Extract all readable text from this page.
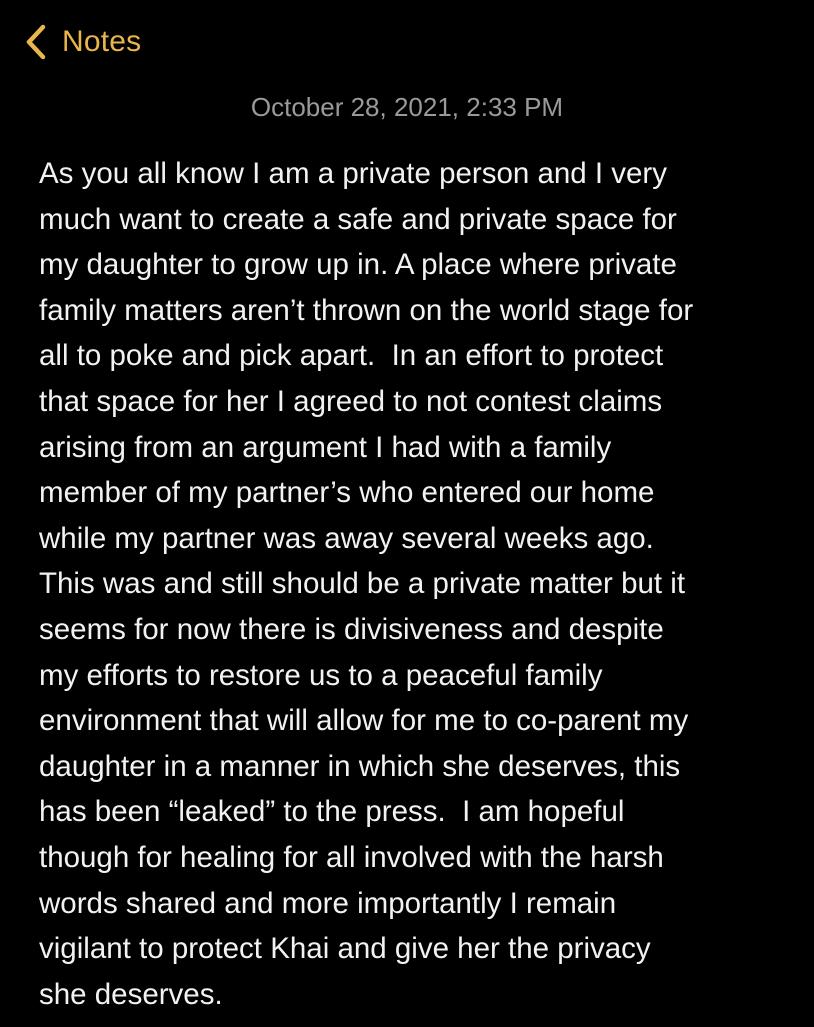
Notes
October 28, 2021, 2:33 PM
As you all know I am a private person and I very
much want to create a safe and private space for
my daughter to grow up in. A place where private
family matters aren’t thrown on the world stage for
all to poke and pick apart.  In an effort to protect
that space for her I agreed to not contest claims
arising from an argument I had with a family
member of my partner’s who entered our home
while my partner was away several weeks ago.
This was and still should be a private matter but it
seems for now there is divisiveness and despite
my efforts to restore us to a peaceful family
environment that will allow for me to co-parent my
daughter in a manner in which she deserves, this
has been “leaked” to the press.  I am hopeful
though for healing for all involved with the harsh
words shared and more importantly I remain
vigilant to protect Khai and give her the privacy
she deserves.
